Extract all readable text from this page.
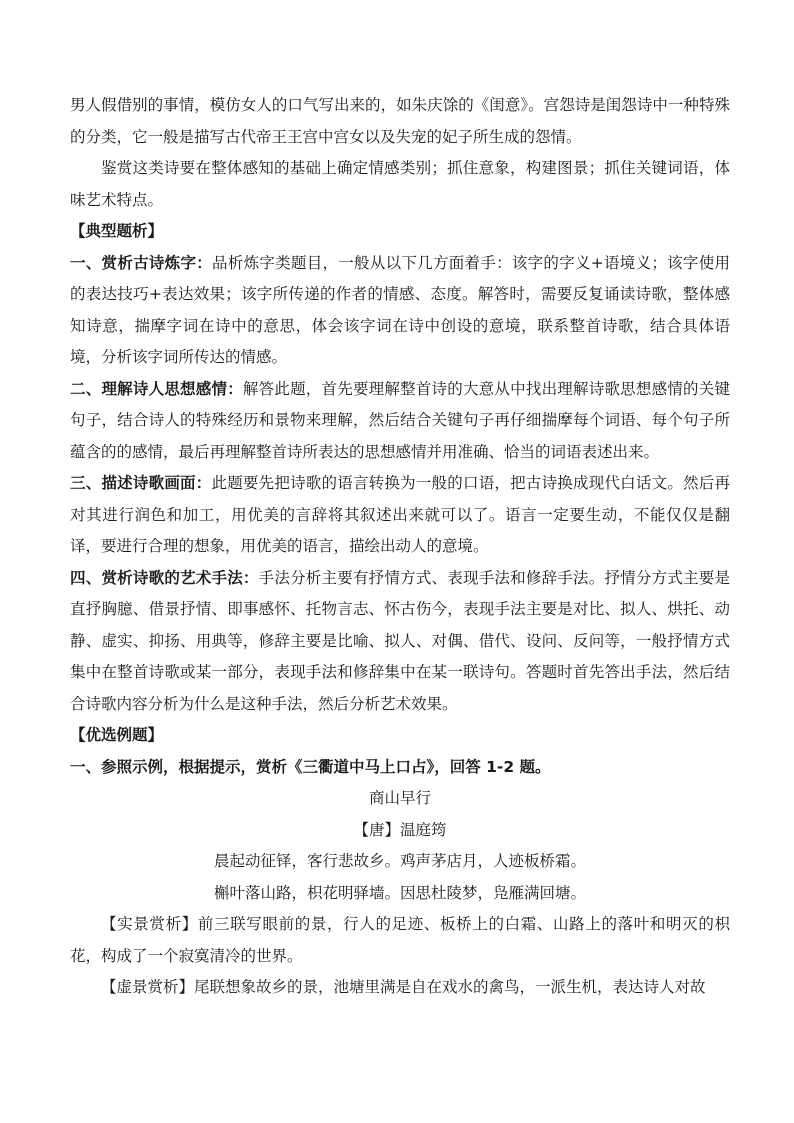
男人假借别的事情，模仿女人的口气写出来的，如朱庆馀的《闺意》。宫怨诗是闺怨诗中一种特殊的分类，它一般是描写古代帝王王宫中宫女以及失宠的妃子所生成的怨情。

鉴赏这类诗要在整体感知的基础上确定情感类别；抓住意象，构建图景；抓住关键词语，体味艺术特点。

【典型题析】

一、赏析古诗炼字：品析炼字类题目，一般从以下几方面着手：该字的字义+语境义；该字使用的表达技巧+表达效果；该字所传递的作者的情感、态度。解答时，需要反复诵读诗歌，整体感知诗意，揣摩字词在诗中的意思，体会该字词在诗中创设的意境，联系整首诗歌，结合具体语境，分析该字词所传达的情感。

二、理解诗人思想感情：解答此题，首先要理解整首诗的大意从中找出理解诗歌思想感情的关键句子，结合诗人的特殊经历和景物来理解，然后结合关键句子再仔细揣摩每个词语、每个句子所蕴含的的感情，最后再理解整首诗所表达的思想感情并用准确、恰当的词语表述出来。

三、描述诗歌画面：此题要先把诗歌的语言转换为一般的口语，把古诗换成现代白话文。然后再对其进行润色和加工，用优美的言辞将其叙述出来就可以了。语言一定要生动，不能仅仅是翻译，要进行合理的想象，用优美的语言，描绘出动人的意境。

四、赏析诗歌的艺术手法：手法分析主要有抒情方式、表现手法和修辞手法。抒情分方式主要是直抒胸臆、借景抒情、即事感怀、托物言志、怀古伤今，表现手法主要是对比、拟人、烘托、动静、虚实、抑扬、用典等，修辞主要是比喻、拟人、对偶、借代、设问、反问等，一般抒情方式集中在整首诗歌或某一部分，表现手法和修辞集中在某一联诗句。答题时首先答出手法，然后结合诗歌内容分析为什么是这种手法，然后分析艺术效果。

【优选例题】

一、参照示例，根据提示，赏析《三衢道中马上口占》，回答 1-2 题。

商山早行

【唐】温庭筠

晨起动征铎，客行悲故乡。鸡声茅店月，人迹板桥霜。

槲叶落山路，枳花明驿墙。因思杜陵梦，凫雁满回塘。

【实景赏析】前三联写眼前的景，行人的足迹、板桥上的白霜、山路上的落叶和明灭的枳花，构成了一个寂寞清冷的世界。

【虚景赏析】尾联想象故乡的景，池塘里满是自在戏水的禽鸟，一派生机，表达诗人对故
